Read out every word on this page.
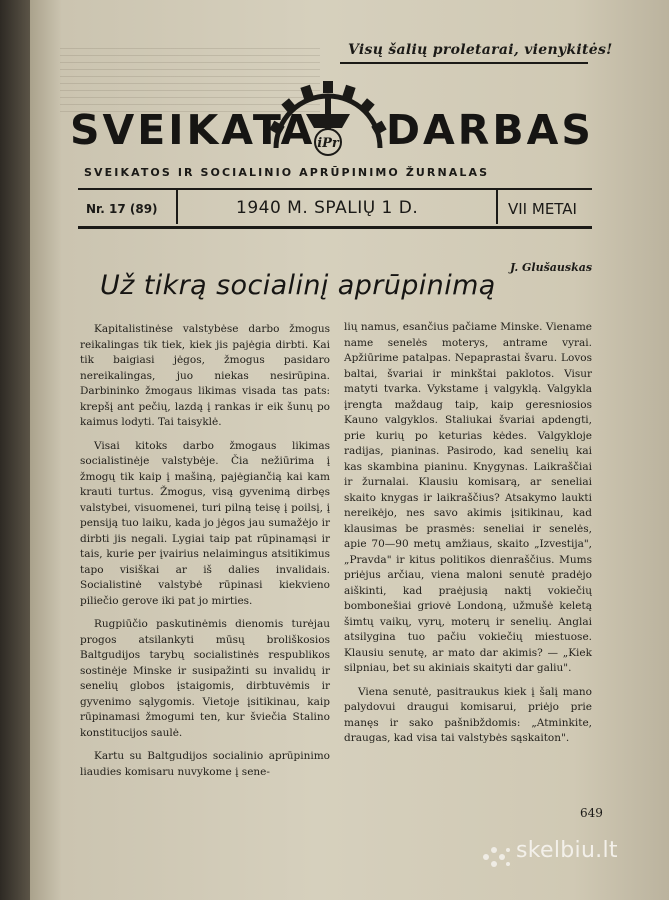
Visų šalių proletarai, vienykitės!
iPr
SVEIKATA DARBAS
SVEIKATOS IR SOCIALINIO APRŪPINIMO ŽURNALAS
Nr. 17 (89)	1940 M. SPALIŲ 1 D.	VII METAI
J. Glušauskas
Už tikrą socialinį aprūpinimą

Kapitalistinėse valstybėse darbo žmogus reikalingas tik tiek, kiek jis pajėgia dirbti. Kai tik baigiasi jėgos, žmogus pasidaro nereikalingas, juo niekas nesirūpina. Darbininko žmogaus likimas visada tas pats: krepšį ant pečių, lazdą į rankas ir eik šunų po kaimus lodyti. Tai taisyklė.

Visai kitoks darbo žmogaus likimas socialistinėje valstybėje. Čia nežiūrima į žmogų tik kaip į mašiną, pajėgiančią kai kam krauti turtus. Žmogus, visą gyvenimą dirbęs valstybei, visuomenei, turi pilną teisę į poilsį, į pensiją tuo laiku, kada jo jėgos jau sumažėjo ir dirbti jis negali. Lygiai taip pat rūpinamąsi ir tais, kurie per įvairius nelaimingus atsitikimus tapo visiškai ar iš dalies invalidais. Socialistinė valstybė rūpinasi kiekvieno piliečio gerove iki pat jo mirties.

Rugpiūčio paskutinėmis dienomis turėjau progos atsilankyti mūsų broliškosios Baltgudijos tarybų socialistinės respublikos sostinėje Minske ir susipažinti su invalidų ir senelių globos įstaigomis, dirbtuvėmis ir gyvenimo sąlygomis. Vietoje įsitikinau, kaip rūpinamasi žmogumi ten, kur šviečia Stalino konstitucijos saulė.

Kartu su Baltgudijos socialinio aprūpinimo liaudies komisaru nuvykome į sene-

lių namus, esančius pačiame Minske. Viename name senelės moterys, antrame vyrai. Apžiūrime patalpas. Nepaprastai švaru. Lovos baltai, švariai ir minkštai paklotos. Visur matyti tvarka. Vykstame į valgyklą. Valgykla įrengta maždaug taip, kaip geresniosios Kauno valgyklos. Staliukai švariai apdengti, prie kurių po keturias kėdes. Valgykloje radijas, pianinas. Pasirodo, kad senelių kai kas skambina pianinu. Knygynas. Laikraščiai ir žurnalai. Klausiu komisarą, ar seneliai skaito knygas ir laikraščius? Atsakymo laukti nereikėjo, nes savo akimis įsitikinau, kad klausimas be prasmės: seneliai ir senelės, apie 70—90 metų amžiaus, skaito „Izvestija", „Pravda" ir kitus politikos dienraščius. Mums priėjus arčiau, viena maloni senutė pradėjo aiškinti, kad praėjusią naktį vokiečių bombonešiai griovė Londoną, užmušė keletą šimtų vaikų, vyrų, moterų ir senelių. Anglai atsilygina tuo pačiu vokiečių miestuose. Klausiu senutę, ar mato dar akimis? — „Kiek silpniau, bet su akiniais skaityti dar galiu".

Viena senutė, pasitraukus kiek į šalį mano palydovui draugui komisarui, priėjo prie manęs ir sako pašnibždomis: „Atminkite, draugas, kad visa tai valstybės sąskaiton".

649
skelbiu.lt
